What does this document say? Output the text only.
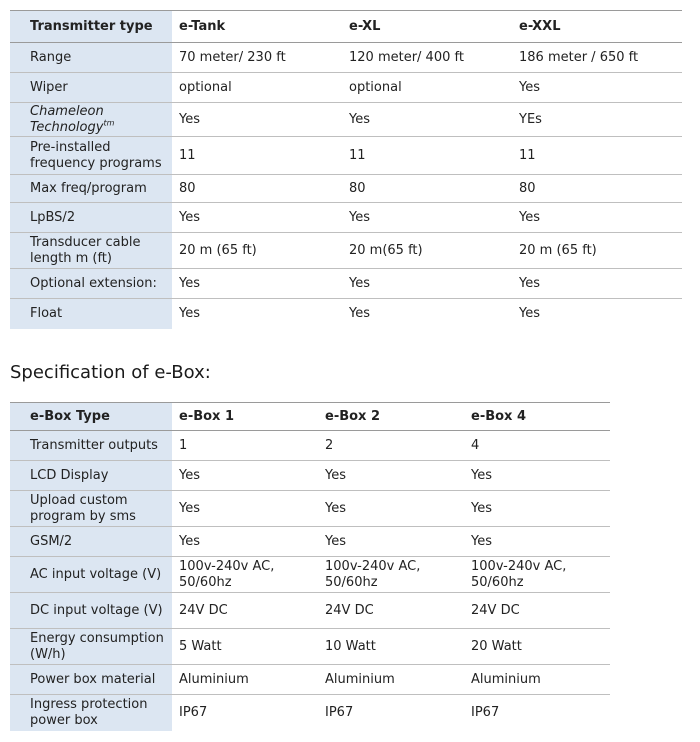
Transmitter type	e-Tank	e-XL	e-XXL
Range	70 meter/ 230 ft	120 meter/ 400 ft	186 meter / 650 ft
Wiper	optional	optional	Yes
Chameleon Technology$^{tm}$	Yes	Yes	YEs
Pre-installed frequency programs	11	11	11
Max freq/program	80	80	80
LpBS/2	Yes	Yes	Yes
Transducer cable length m (ft)	20 m (65 ft)	20 m(65 ft)	20 m (65 ft)
Optional extension:	Yes	Yes	Yes
Float	Yes	Yes	Yes
Specification of e-Box:
e-Box Type	e-Box 1	e-Box 2	e-Box 4
Transmitter outputs	1	2	4
LCD Display	Yes	Yes	Yes
Upload custom program by sms	Yes	Yes	Yes
GSM/2	Yes	Yes	Yes
AC input voltage (V)	100v-240v AC, 50/60hz	100v-240v AC, 50/60hz	100v-240v AC, 50/60hz
DC input voltage (V)	24V DC	24V DC	24V DC
Energy consumption (W/h)	5 Watt	10 Watt	20 Watt
Power box material	Aluminium	Aluminium	Aluminium
Ingress protection power box	IP67	IP67	IP67
